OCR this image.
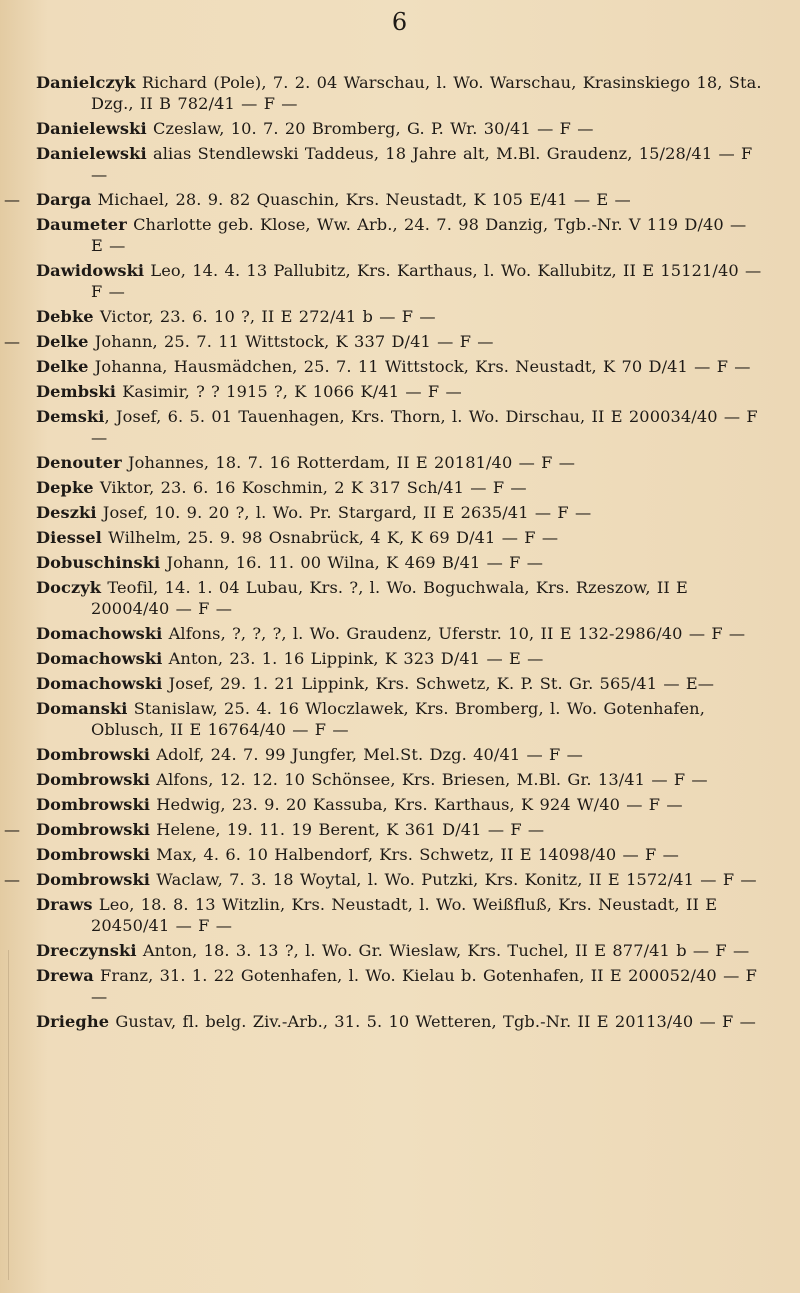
6

Danielczyk Richard (Pole), 7. 2. 04 Warschau, l. Wo. Warschau, Krasinskiego 18, Sta. Dzg., II B 782/41 — F —

Danielewski Czeslaw, 10. 7. 20 Bromberg, G. P. Wr. 30/41 — F —

Danielewski alias Stendlewski Taddeus, 18 Jahre alt, M.Bl. Graudenz, 15/28/41 — F —

— Darga Michael, 28. 9. 82 Quaschin, Krs. Neustadt, K 105 E/41 — E —

Daumeter Charlotte geb. Klose, Ww. Arb., 24. 7. 98 Danzig, Tgb.-Nr. V 119 D/40 — E —

Dawidowski Leo, 14. 4. 13 Pallubitz, Krs. Karthaus, l. Wo. Kallubitz, II E 15121/40 — F —

Debke Victor, 23. 6. 10 ?, II E 272/41 b — F —

— Delke Johann, 25. 7. 11 Wittstock, K 337 D/41 — F —

Delke Johanna, Hausmädchen, 25. 7. 11 Wittstock, Krs. Neustadt, K 70 D/41 — F —

Dembski Kasimir, ? ? 1915 ?, K 1066 K/41 — F —

Demski, Josef, 6. 5. 01 Tauenhagen, Krs. Thorn, l. Wo. Dirschau, II E 200034/40 — F —

Denouter Johannes, 18. 7. 16 Rotterdam, II E 20181/40 — F —

Depke Viktor, 23. 6. 16 Koschmin, 2 K 317 Sch/41 — F —

Deszki Josef, 10. 9. 20 ?, l. Wo. Pr. Stargard, II E 2635/41 — F —

Diessel Wilhelm, 25. 9. 98 Osnabrück, 4 K, K 69 D/41 — F —

Dobuschinski Johann, 16. 11. 00 Wilna, K 469 B/41 — F —

Doczyk Teofil, 14. 1. 04 Lubau, Krs. ?, l. Wo. Boguchwala, Krs. Rzeszow, II E 20004/40 — F —

Domachowski Alfons, ?, ?, ?, l. Wo. Graudenz, Uferstr. 10, II E 132-2986/40 — F —

Domachowski Anton, 23. 1. 16 Lippink, K 323 D/41 — E —

Domachowski Josef, 29. 1. 21 Lippink, Krs. Schwetz, K. P. St. Gr. 565/41 — E—

Domanski Stanislaw, 25. 4. 16 Wloczlawek, Krs. Bromberg, l. Wo. Gotenhafen, Oblusch, II E 16764/40 — F —

Dombrowski Adolf, 24. 7. 99 Jungfer, Mel.St. Dzg. 40/41 — F —

Dombrowski Alfons, 12. 12. 10 Schönsee, Krs. Briesen, M.Bl. Gr. 13/41 — F —

Dombrowski Hedwig, 23. 9. 20 Kassuba, Krs. Karthaus, K 924 W/40 — F —

— Dombrowski Helene, 19. 11. 19 Berent, K 361 D/41 — F —

Dombrowski Max, 4. 6. 10 Halbendorf, Krs. Schwetz, II E 14098/40 — F —

— Dombrowski Waclaw, 7. 3. 18 Woytal, l. Wo. Putzki, Krs. Konitz, II E 1572/41 — F —

Draws Leo, 18. 8. 13 Witzlin, Krs. Neustadt, l. Wo. Weißfluß, Krs. Neustadt, II E 20450/41 — F —

Dreczynski Anton, 18. 3. 13 ?, l. Wo. Gr. Wieslaw, Krs. Tuchel, II E 877/41 b — F —

Drewa Franz, 31. 1. 22 Gotenhafen, l. Wo. Kielau b. Gotenhafen, II E 200052/40 — F —

Drieghe Gustav, fl. belg. Ziv.-Arb., 31. 5. 10 Wetteren, Tgb.-Nr. II E 20113/40 — F —
